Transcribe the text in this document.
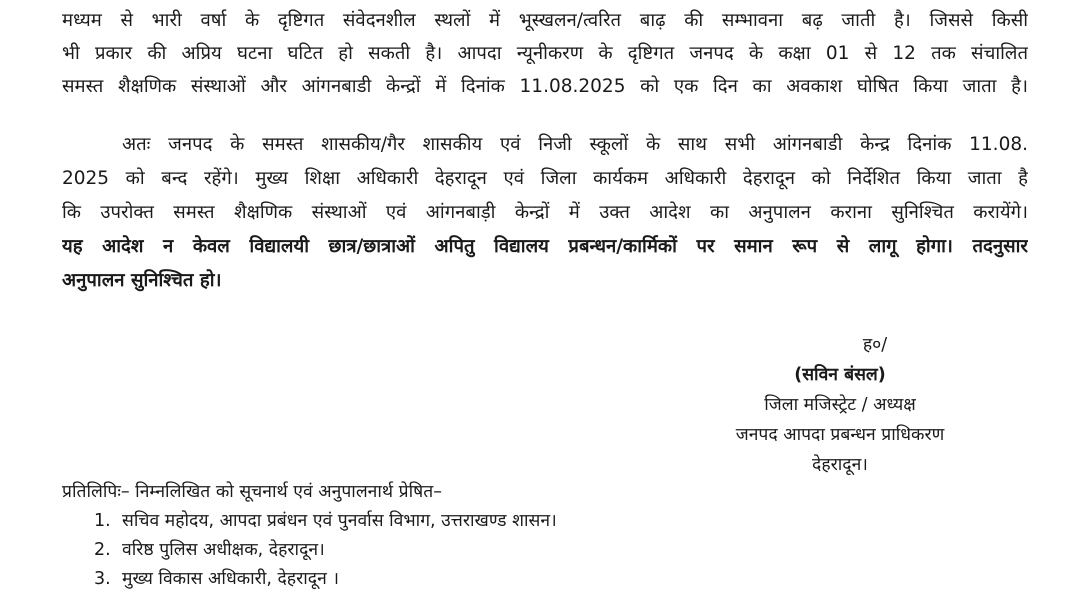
मध्यम से भारी वर्षा के दृष्टिगत संवेदनशील स्थलों में भूस्खलन/त्वरित बाढ़ की सम्भावना बढ़ जाती है। जिससे किसी
भी प्रकार की अप्रिय घटना घटित हो सकती है। आपदा न्यूनीकरण के दृष्टिगत जनपद के कक्षा 01 से 12 तक संचालित
समस्त शैक्षणिक संस्थाओं और आंगनबाडी केन्द्रों में दिनांक 11.08.2025 को एक दिन का अवकाश घोषित किया जाता है।
अतः जनपद के समस्त शासकीय/गैर शासकीय एवं निजी स्कूलों के साथ सभी आंगनबाडी केन्द्र दिनांक 11.08.
2025 को बन्द रहेंगे। मुख्य शिक्षा अधिकारी देहरादून एवं जिला कार्यकम अधिकारी देहरादून को निर्देशित किया जाता है
कि उपरोक्त समस्त शैक्षणिक संस्थाओं एवं आंगनबाड़ी केन्द्रों में उक्त आदेश का अनुपालन कराना सुनिश्चित करायेंगे।
यह आदेश न केवल विद्यालयी छात्र/छात्राओं अपितु विद्यालय प्रबन्धन/कार्मिकों पर समान रूप से लागू होगा। तदनुसार
अनुपालन सुनिश्चित हो।
ह०/
(सविन बंसल)
जिला मजिस्ट्रेट / अध्यक्ष
जनपद आपदा प्रबन्धन प्राधिकरण
देहरादून।
प्रतिलिपिः– निम्नलिखित को सूचनार्थ एवं अनुपालनार्थ प्रेषित–
1. सचिव महोदय, आपदा प्रबंधन एवं पुनर्वास विभाग, उत्तराखण्ड शासन।
2. वरिष्ठ पुलिस अधीक्षक, देहरादून।
3. मुख्य विकास अधिकारी, देहरादून ।
